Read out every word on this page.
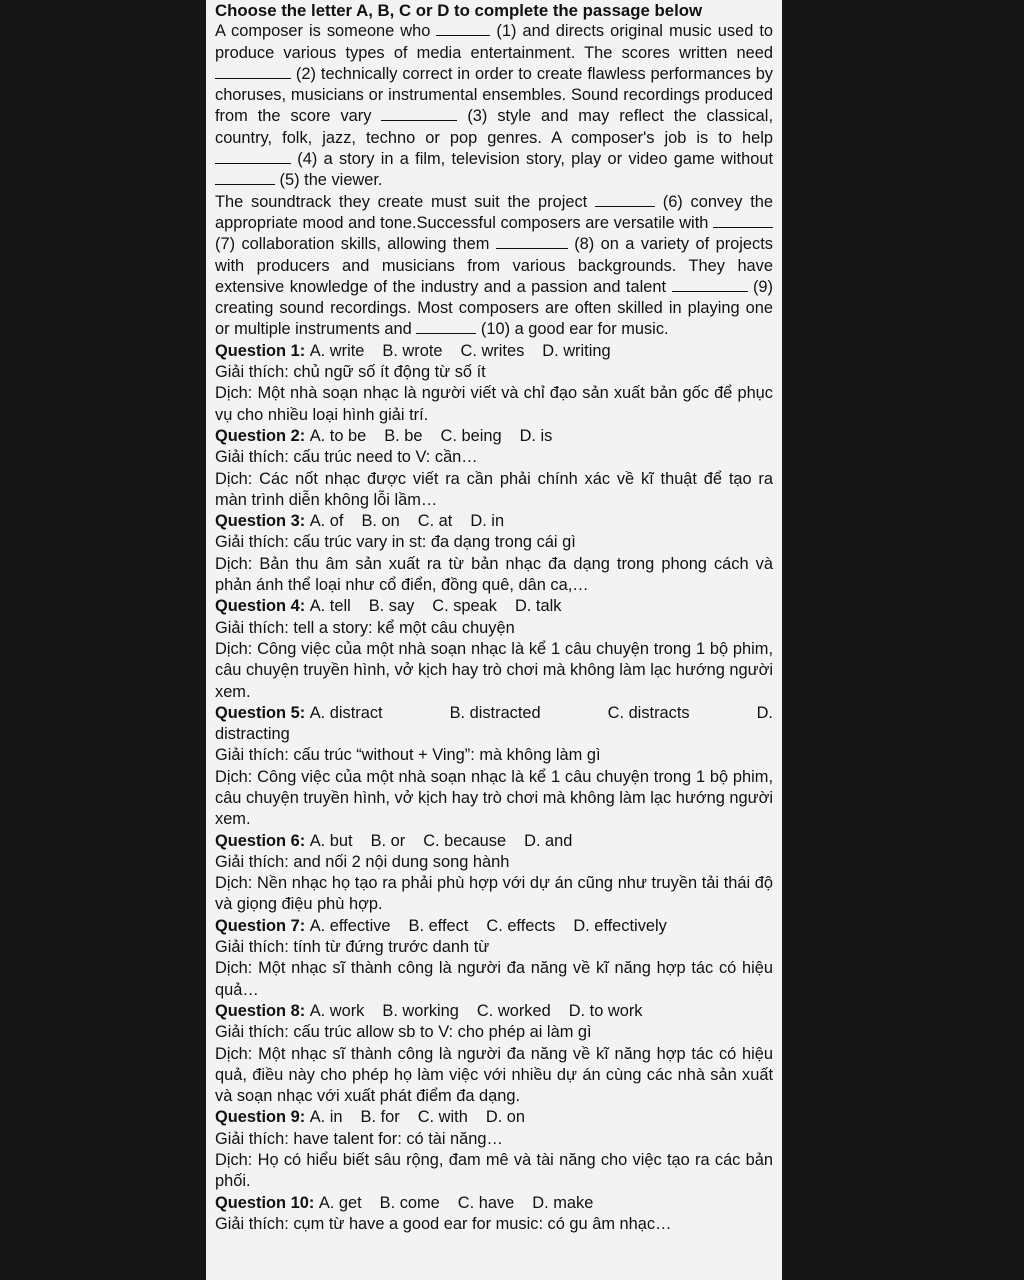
Choose the letter A, B, C or D to complete the passage below

A composer is someone who	(1) and directs original music used to produce various types of media entertainment. The scores written need  (2) technically correct in order to create flawless performances by choruses, musicians or instrumental ensembles. Sound recordings produced from the score vary	(3) style and may reflect the classical, country, folk, jazz, techno or pop genres. A composer's job is to help  (4) a story in a film, television story, play or video game without  (5) the viewer.

The soundtrack they create must suit the project	(6) convey the appropriate mood and tone.Successful composers are versatile with  (7) collaboration skills, allowing them	(8) on a variety of projects with producers and musicians from various backgrounds. They have extensive knowledge of the industry and a passion and talent	(9) creating sound recordings. Most composers are often skilled in playing one or multiple instruments and	(10) a good ear for music.

Question 1: A. write B. wrote C. writes D. writing

Giải thích: chủ ngữ số ít động từ số ít

Dịch: Một nhà soạn nhạc là người viết và chỉ đạo sản xuất bản gốc để phục vụ cho nhiều loại hình giải trí.

Question 2: A. to be B. be C. being D. is

Giải thích: cấu trúc need to V: cần…

Dịch: Các nốt nhạc được viết ra cần phải chính xác về kĩ thuật để tạo ra màn trình diễn không lỗi lầm…

Question 3: A. of B. on C. at D. in

Giải thích: cấu trúc vary in st: đa dạng trong cái gì

Dịch: Bản thu âm sản xuất ra từ bản nhạc đa dạng trong phong cách và phản ánh thể loại như cổ điển, đồng quê, dân ca,…

Question 4: A. tell B. say C. speak D. talk

Giải thích: tell a story: kể một câu chuyện

Dịch: Công việc của một nhà soạn nhạc là kể 1 câu chuyện trong 1 bộ phim, câu chuyện truyền hình, vở kịch hay trò chơi mà không làm lạc hướng người xem.

Question 5: A. distract	B. distracted	C. distracts	D.

distracting

Giải thích: cấu trúc “without + Ving”: mà không làm gì

Dịch: Công việc của một nhà soạn nhạc là kể 1 câu chuyện trong 1 bộ phim, câu chuyện truyền hình, vở kịch hay trò chơi mà không làm lạc hướng người xem.

Question 6: A. but B. or C. because D. and

Giải thích: and nối 2 nội dung song hành

Dịch: Nền nhạc họ tạo ra phải phù hợp với dự án cũng như truyền tải thái độ và giọng điệu phù hợp.

Question 7: A. effective B. effect C. effects D. effectively

Giải thích: tính từ đứng trước danh từ

Dịch: Một nhạc sĩ thành công là người đa năng về kĩ năng hợp tác có hiệu quả…

Question 8: A. work B. working C. worked D. to work

Giải thích: cấu trúc allow sb to V: cho phép ai làm gì

Dịch: Một nhạc sĩ thành công là người đa năng về kĩ năng hợp tác có hiệu quả, điều này cho phép họ làm việc với nhiều dự án cùng các nhà sản xuất và soạn nhạc với xuất phát điểm đa dạng.

Question 9: A. in B. for C. with D. on

Giải thích: have talent for: có tài năng…

Dịch: Họ có hiểu biết sâu rộng, đam mê và tài năng cho việc tạo ra các bản phối.

Question 10: A. get B. come C. have D. make

Giải thích: cụm từ have a good ear for music: có gu âm nhạc…
